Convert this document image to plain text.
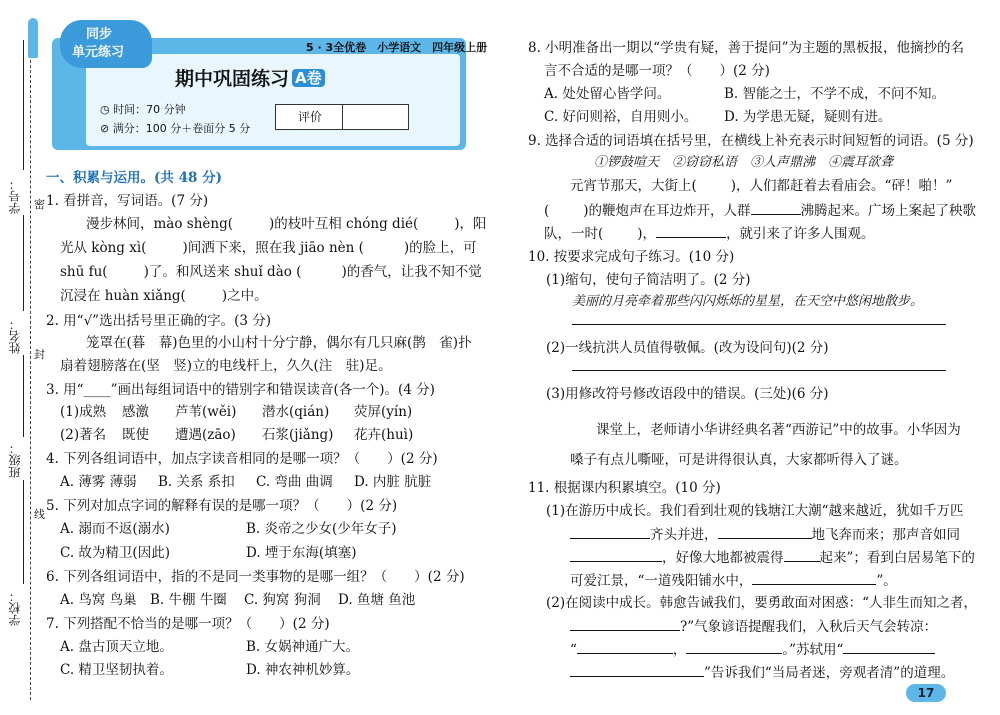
学号：
姓名：
班级：
学校：
密
封
线
同步
单元练习	5 · 3全优卷　小学语文　四年级上册
期中巩固练习 A卷
◷ 时间：70 分钟
⊘ 满分：100 分＋卷面分 5 分
评价
一、积累与运用。(共 48 分)
1. 看拼音，写词语。(7 分)
漫步林间，mào shèng(	)的枝叶互相 chóng dié(	)，阳
光从 kòng xì(	)间洒下来，照在我 jiāo nèn (	)的脸上，可
shū fu(	)了。和风送来 shuǐ dào (	)的香气，让我不知不觉
沉浸在 huàn xiǎng(	)之中。
2. 用“√”选出括号里正确的字。(3 分)
笼罩在(暮　幕)色里的小山村十分宁静，偶尔有几只麻(鹊　雀)扑
扇着翅膀落在(坚　竖)立的电线杆上，久久(注　驻)足。
3. 用“____”画出每组词语中的错别字和错误读音(各一个)。(4 分)
(1)成熟 感激 芦苇(wěi) 潜水(qián) 荧屏(yín)
(2)著名 既使 遭遇(zāo) 石浆(jiǎng) 花卉(huì)
4. 下列各组词语中，加点字读音相同的是哪一项？（　　）(2 分)
A. 薄雾 薄弱 B. 关系 系扣 C. 弯曲 曲调 D. 内脏 肮脏
5. 下列对加点字词的解释有误的是哪一项？（　　）(2 分)
A. 溺而不返(溺水)	B. 炎帝之少女(少年女子)
C. 故为精卫(因此)	D. 堙于东海(填塞)
6. 下列各组词语中，指的不是同一类事物的是哪一组？（　　）(2 分)
A. 鸟窝 鸟巢 B. 牛棚 牛圈 C. 狗窝 狗洞 D. 鱼塘 鱼池
7. 下列搭配不恰当的是哪一项？（　　）(2 分)
A. 盘古顶天立地。	B. 女娲神通广大。
C. 精卫坚韧执着。	D. 神农神机妙算。
8. 小明准备出一期以“学贵有疑，善于提问”为主题的黑板报，他摘抄的名
言不合适的是哪一项？（　　）(2 分)
A. 处处留心皆学问。	B. 智能之士，不学不成，不问不知。
C. 好问则裕，自用则小。 D. 为学患无疑，疑则有进。
9. 选择合适的词语填在括号里，在横线上补充表示时间短暂的词语。(5 分)
①锣鼓喧天　②窃窃私语　③人声鼎沸　④震耳欲聋
元宵节那天，大街上(	)，人们都赶着去看庙会。“砰！啪！”
(	)的鞭炮声在耳边炸开，人群	沸腾起来。广场上案起了秧歌
队，一时(	)，	，就引来了许多人围观。
10. 按要求完成句子练习。(10 分)
(1)缩句，使句子简洁明了。(2 分)
美丽的月亮牵着那些闪闪烁烁的星星，在天空中悠闲地散步。
(2)一线抗洪人员值得敬佩。(改为设问句)(2 分)
(3)用修改符号修改语段中的错误。(三处)(6 分)
课堂上，老师请小华讲经典名著“西游记”中的故事。小华因为
嗓子有点儿嘶哑，可是讲得很认真，大家都听得入了谜。
11. 根据课内积累填空。(10 分)
(1)在游历中成长。我们看到壮观的钱塘江大潮“越来越近，犹如千万匹
齐头并进，	地飞奔而来；那声音如同
，好像大地都被震得	起来”；看到白居易笔下的
可爱江景，“一道残阳铺水中，	”。
(2)在阅读中成长。韩愈告诫我们，要勇敢面对困惑：“人非生而知之者，
?”气象谚语提醒我们，入秋后天气会转凉：
“	，	。”苏轼用“
”告诉我们“当局者迷，旁观者清”的道理。
17
